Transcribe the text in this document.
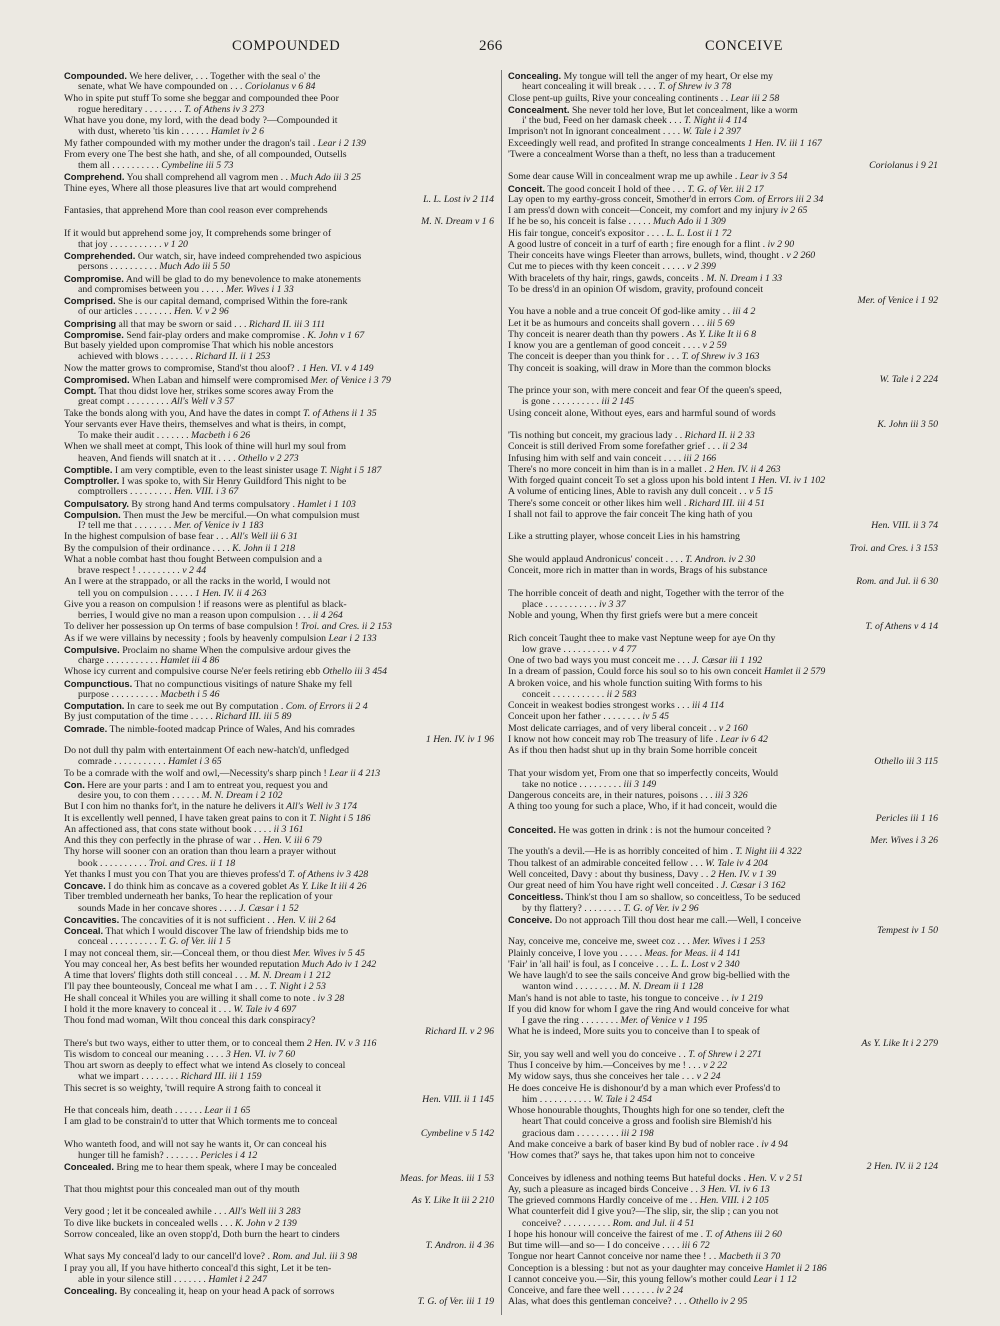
COMPOUNDED	266	CONCEIVE
Compounded. We here deliver, . . . Together with the seal o' the
senate, what We have compounded on . . . Coriolanus v 6 84
Who in spite put stuff To some she beggar and compounded thee Poor
rogue hereditary . . . . . . . . T. of Athens iv 3 273
What have you done, my lord, with the dead body ?—Compounded it
with dust, whereto 'tis kin . . . . . . Hamlet iv 2 6
My father compounded with my mother under the dragon's tail . Lear i 2 139
From every one The best she hath, and she, of all compounded, Outsells
them all . . . . . . . . . . Cymbeline iii 5 73
Comprehend. You shall comprehend all vagrom men . . Much Ado iii 3 25
Thine eyes, Where all those pleasures live that art would comprehend
L. L. Lost iv 2 114
Fantasies, that apprehend More than cool reason ever comprehends
M. N. Dream v 1 6
If it would but apprehend some joy, It comprehends some bringer of
that joy . . . . . . . . . . . v 1 20
Comprehended. Our watch, sir, have indeed comprehended two aspicious
persons . . . . . . . . . . Much Ado iii 5 50
Compromise. And will be glad to do my benevolence to make atonements
and compromises between you . . . . . Mer. Wives i 1 33
Comprised. She is our capital demand, comprised Within the fore-rank
of our articles . . . . . . . . Hen. V. v 2 96
Comprising all that may be sworn or said . . . Richard II. iii 3 111
Compromise. Send fair-play orders and make compromise . K. John v 1 67
But basely yielded upon compromise That which his noble ancestors
achieved with blows . . . . . . . Richard II. ii 1 253
Now the matter grows to compromise, Stand'st thou aloof? . 1 Hen. VI. v 4 149
Compromised. When Laban and himself were compromised Mer. of Venice i 3 79
Compt. That thou didst love her, strikes some scores away From the
great compt . . . . . . . . . All's Well v 3 57
Take the bonds along with you, And have the dates in compt T. of Athens ii 1 35
Your servants ever Have theirs, themselves and what is theirs, in compt,
To make their audit . . . . . . . Macbeth i 6 26
When we shall meet at compt, This look of thine will hurl my soul from
heaven, And fiends will snatch at it . . . . Othello v 2 273
Comptible. I am very comptible, even to the least sinister usage T. Night i 5 187
Comptroller. I was spoke to, with Sir Henry Guildford This night to be
comptrollers . . . . . . . . . Hen. VIII. i 3 67
Compulsatory. By strong hand And terms compulsatory . Hamlet i 1 103
Compulsion. Then must the Jew be merciful.—On what compulsion must
I? tell me that . . . . . . . . Mer. of Venice iv 1 183
In the highest compulsion of base fear . . . All's Well iii 6 31
By the compulsion of their ordinance . . . . K. John ii 1 218
What a noble combat hast thou fought Between compulsion and a
brave respect ! . . . . . . . . . v 2 44
An I were at the strappado, or all the racks in the world, I would not
tell you on compulsion . . . . . 1 Hen. IV. ii 4 263
Give you a reason on compulsion ! if reasons were as plentiful as black-
berries, I would give no man a reason upon compulsion . . . ii 4 264
To deliver her possession up On terms of base compulsion ! Troi. and Cres. ii 2 153
As if we were villains by necessity ; fools by heavenly compulsion Lear i 2 133
Compulsive. Proclaim no shame When the compulsive ardour gives the
charge . . . . . . . . . . . Hamlet iii 4 86
Whose icy current and compulsive course Ne'er feels retiring ebb Othello iii 3 454
Compunctious. That no compunctious visitings of nature Shake my fell
purpose . . . . . . . . . . Macbeth i 5 46
Computation. In care to seek me out By computation . Com. of Errors ii 2 4
By just computation of the time . . . . . Richard III. iii 5 89
Comrade. The nimble-footed madcap Prince of Wales, And his comrades
1 Hen. IV. iv 1 96
Do not dull thy palm with entertainment Of each new-hatch'd, unfledged
comrade . . . . . . . . . . . Hamlet i 3 65
To be a comrade with the wolf and owl,—Necessity's sharp pinch ! Lear ii 4 213
Con. Here are your parts : and I am to entreat you, request you and
desire you, to con them . . . . . . M. N. Dream i 2 102
But I con him no thanks for't, in the nature he delivers it All's Well iv 3 174
It is excellently well penned, I have taken great pains to con it T. Night i 5 186
An affectioned ass, that cons state without book . . . . ii 3 161
And this they con perfectly in the phrase of war . . Hen. V. iii 6 79
Thy horse will sooner con an oration than thou learn a prayer without
book . . . . . . . . . . Troi. and Cres. ii 1 18
Yet thanks I must you con That you are thieves profess'd T. of Athens iv 3 428
Concave. I do think him as concave as a covered goblet As Y. Like It iii 4 26
Tiber trembled underneath her banks, To hear the replication of your
sounds Made in her concave shores . . . . J. Cæsar i 1 52
Concavities. The concavities of it is not sufficient . . Hen. V. iii 2 64
Conceal. That which I would discover The law of friendship bids me to
conceal . . . . . . . . . . T. G. of Ver. iii 1 5
I may not conceal them, sir.—Conceal them, or thou diest Mer. Wives iv 5 45
You may conceal her, As best befits her wounded reputation Much Ado iv 1 242
A time that lovers' flights doth still conceal . . . M. N. Dream i 1 212
I'll pay thee bounteously, Conceal me what I am . . . T. Night i 2 53
He shall conceal it Whiles you are willing it shall come to note . iv 3 28
I hold it the more knavery to conceal it . . . W. Tale iv 4 697
Thou fond mad woman, Wilt thou conceal this dark conspiracy?
Richard II. v 2 96
There's but two ways, either to utter them, or to conceal them 2 Hen. IV. v 3 116
Tis wisdom to conceal our meaning . . . . 3 Hen. VI. iv 7 60
Thou art sworn as deeply to effect what we intend As closely to conceal
what we impart . . . . . . . . Richard III. iii 1 159
This secret is so weighty, 'twill require A strong faith to conceal it
Hen. VIII. ii 1 145
He that conceals him, death . . . . . . Lear ii 1 65
I am glad to be constrain'd to utter that Which torments me to conceal
Cymbeline v 5 142
Who wanteth food, and will not say he wants it, Or can conceal his
hunger till he famish? . . . . . . . Pericles i 4 12
Concealed. Bring me to hear them speak, where I may be concealed
Meas. for Meas. iii 1 53
That thou mightst pour this concealed man out of thy mouth
As Y. Like It iii 2 210
Very good ; let it be concealed awhile . . . All's Well iii 3 283
To dive like buckets in concealed wells . . . K. John v 2 139
Sorrow concealed, like an oven stopp'd, Doth burn the heart to cinders
T. Andron. ii 4 36
What says My conceal'd lady to our cancell'd love? . Rom. and Jul. iii 3 98
I pray you all, If you have hitherto conceal'd this sight, Let it be ten-
able in your silence still . . . . . . . Hamlet i 2 247
Concealing. By concealing it, heap on your head A pack of sorrows
T. G. of Ver. iii 1 19
Concealing. My tongue will tell the anger of my heart, Or else my
heart concealing it will break . . . . T. of Shrew iv 3 78
Close pent-up guilts, Rive your concealing continents . . Lear iii 2 58
Concealment. She never told her love, But let concealment, like a worm
i' the bud, Feed on her damask cheek . . . T. Night ii 4 114
Imprison't not In ignorant concealment . . . . W. Tale i 2 397
Exceedingly well read, and profited In strange concealments 1 Hen. IV. iii 1 167
'Twere a concealment Worse than a theft, no less than a traducement
Coriolanus i 9 21
Some dear cause Will in concealment wrap me up awhile . Lear iv 3 54
Conceit. The good conceit I hold of thee . . . T. G. of Ver. iii 2 17
Lay open to my earthy-gross conceit, Smother'd in errors Com. of Errors iii 2 34
I am press'd down with conceit—Conceit, my comfort and my injury iv 2 65
If he be so, his conceit is false . . . . . Much Ado ii 1 309
His fair tongue, conceit's expositor . . . . L. L. Lost ii 1 72
A good lustre of conceit in a turf of earth ; fire enough for a flint . iv 2 90
Their conceits have wings Fleeter than arrows, bullets, wind, thought . v 2 260
Cut me to pieces with thy keen conceit . . . . . v 2 399
With bracelets of thy hair, rings, gawds, conceits . M. N. Dream i 1 33
To be dress'd in an opinion Of wisdom, gravity, profound conceit
Mer. of Venice i 1 92
You have a noble and a true conceit Of god-like amity . . iii 4 2
Let it be as humours and conceits shall govern . . . iii 5 69
Thy conceit is nearer death than thy powers . As Y. Like It ii 6 8
I know you are a gentleman of good conceit . . . . v 2 59
The conceit is deeper than you think for . . . T. of Shrew iv 3 163
Thy conceit is soaking, will draw in More than the common blocks
W. Tale i 2 224
The prince your son, with mere conceit and fear Of the queen's speed,
is gone . . . . . . . . . . iii 2 145
Using conceit alone, Without eyes, ears and harmful sound of words
K. John iii 3 50
'Tis nothing but conceit, my gracious lady . . Richard II. ii 2 33
Conceit is still derived From some forefather grief . . . ii 2 34
Infusing him with self and vain conceit . . . . iii 2 166
There's no more conceit in him than is in a mallet . 2 Hen. IV. ii 4 263
With forged quaint conceit To set a gloss upon his bold intent 1 Hen. VI. iv 1 102
A volume of enticing lines, Able to ravish any dull conceit . . v 5 15
There's some conceit or other likes him well . Richard III. iii 4 51
I shall not fail to approve the fair conceit The king hath of you
Hen. VIII. ii 3 74
Like a strutting player, whose conceit Lies in his hamstring
Troi. and Cres. i 3 153
She would applaud Andronicus' conceit . . . . T. Andron. iv 2 30
Conceit, more rich in matter than in words, Brags of his substance
Rom. and Jul. ii 6 30
The horrible conceit of death and night, Together with the terror of the
place . . . . . . . . . . . iv 3 37
Noble and young, When thy first griefs were but a mere conceit
T. of Athens v 4 14
Rich conceit Taught thee to make vast Neptune weep for aye On thy
low grave . . . . . . . . . . v 4 77
One of two bad ways you must conceit me . . . J. Cæsar iii 1 192
In a dream of passion, Could force his soul so to his own conceit Hamlet ii 2 579
A broken voice, and his whole function suiting With forms to his
conceit . . . . . . . . . . . ii 2 583
Conceit in weakest bodies strongest works . . . iii 4 114
Conceit upon her father . . . . . . . . iv 5 45
Most delicate carriages, and of very liberal conceit . . v 2 160
I know not how conceit may rob The treasury of life . Lear iv 6 42
As if thou then hadst shut up in thy brain Some horrible conceit
Othello iii 3 115
That your wisdom yet, From one that so imperfectly conceits, Would
take no notice . . . . . . . . . iii 3 149
Dangerous conceits are, in their natures, poisons . . . iii 3 326
A thing too young for such a place, Who, if it had conceit, would die
Pericles iii 1 16
Conceited. He was gotten in drink : is not the humour conceited ?
Mer. Wives i 3 26
The youth's a devil.—He is as horribly conceited of him . T. Night iii 4 322
Thou talkest of an admirable conceited fellow . . . W. Tale iv 4 204
Well conceited, Davy : about thy business, Davy . . 2 Hen. IV. v 1 39
Our great need of him You have right well conceited . J. Cæsar i 3 162
Conceitless. Think'st thou I am so shallow, so conceitless, To be seduced
by thy flattery? . . . . . . . . T. G. of Ver. iv 2 96
Conceive. Do not approach Till thou dost hear me call.—Well, I conceive
Tempest iv 1 50
Nay, conceive me, conceive me, sweet coz . . . Mer. Wives i 1 253
Plainly conceive, I love you . . . . . Meas. for Meas. ii 4 141
'Fair' in 'all hail' is foul, as I conceive . . . L. L. Lost v 2 340
We have laugh'd to see the sails conceive And grow big-bellied with the
wanton wind . . . . . . . . . M. N. Dream ii 1 128
Man's hand is not able to taste, his tongue to conceive . . iv 1 219
If you did know for whom I gave the ring And would conceive for what
I gave the ring . . . . . . . . Mer. of Venice v 1 195
What he is indeed, More suits you to conceive than I to speak of
As Y. Like It i 2 279
Sir, you say well and well you do conceive . . T. of Shrew i 2 271
Thus I conceive by him.—Conceives by me ! . . . v 2 22
My widow says, thus she conceives her tale . . . v 2 24
He does conceive He is dishonour'd by a man which ever Profess'd to
him . . . . . . . . . . . W. Tale i 2 454
Whose honourable thoughts, Thoughts high for one so tender, cleft the
heart That could conceive a gross and foolish sire Blemish'd his
gracious dam . . . . . . . . . iii 2 198
And make conceive a bark of baser kind By bud of nobler race . iv 4 94
'How comes that?' says he, that takes upon him not to conceive
2 Hen. IV. ii 2 124
Conceives by idleness and nothing teems But hateful docks . Hen. V. v 2 51
Ay, such a pleasure as incaged birds Conceive . . 3 Hen. VI. iv 6 13
The grieved commons Hardly conceive of me . . Hen. VIII. i 2 105
What counterfeit did I give you?—The slip, sir, the slip ; can you not
conceive? . . . . . . . . . . Rom. and Jul. ii 4 51
I hope his honour will conceive the fairest of me . T. of Athens iii 2 60
But time will—and so— I do conceive . . . . iii 6 72
Tongue nor heart Cannot conceive nor name thee ! . . Macbeth ii 3 70
Conception is a blessing : but not as your daughter may conceive Hamlet ii 2 186
I cannot conceive you.—Sir, this young fellow's mother could Lear i 1 12
Conceive, and fare thee well . . . . . . . iv 2 24
Alas, what does this gentleman conceive? . . . Othello iv 2 95
